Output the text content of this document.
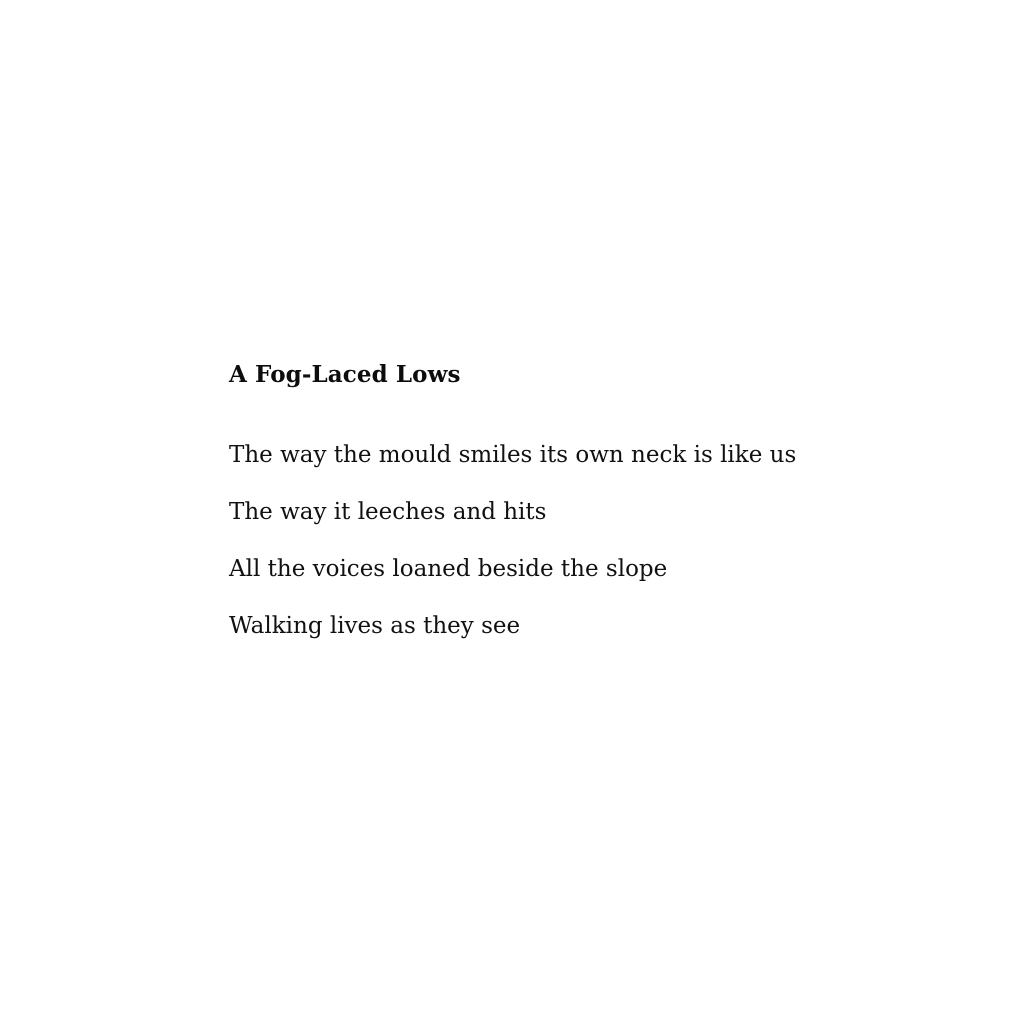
A Fog-Laced Lows

The way the mould smiles its own neck is like us

The way it leeches and hits

All the voices loaned beside the slope

Walking lives as they see
